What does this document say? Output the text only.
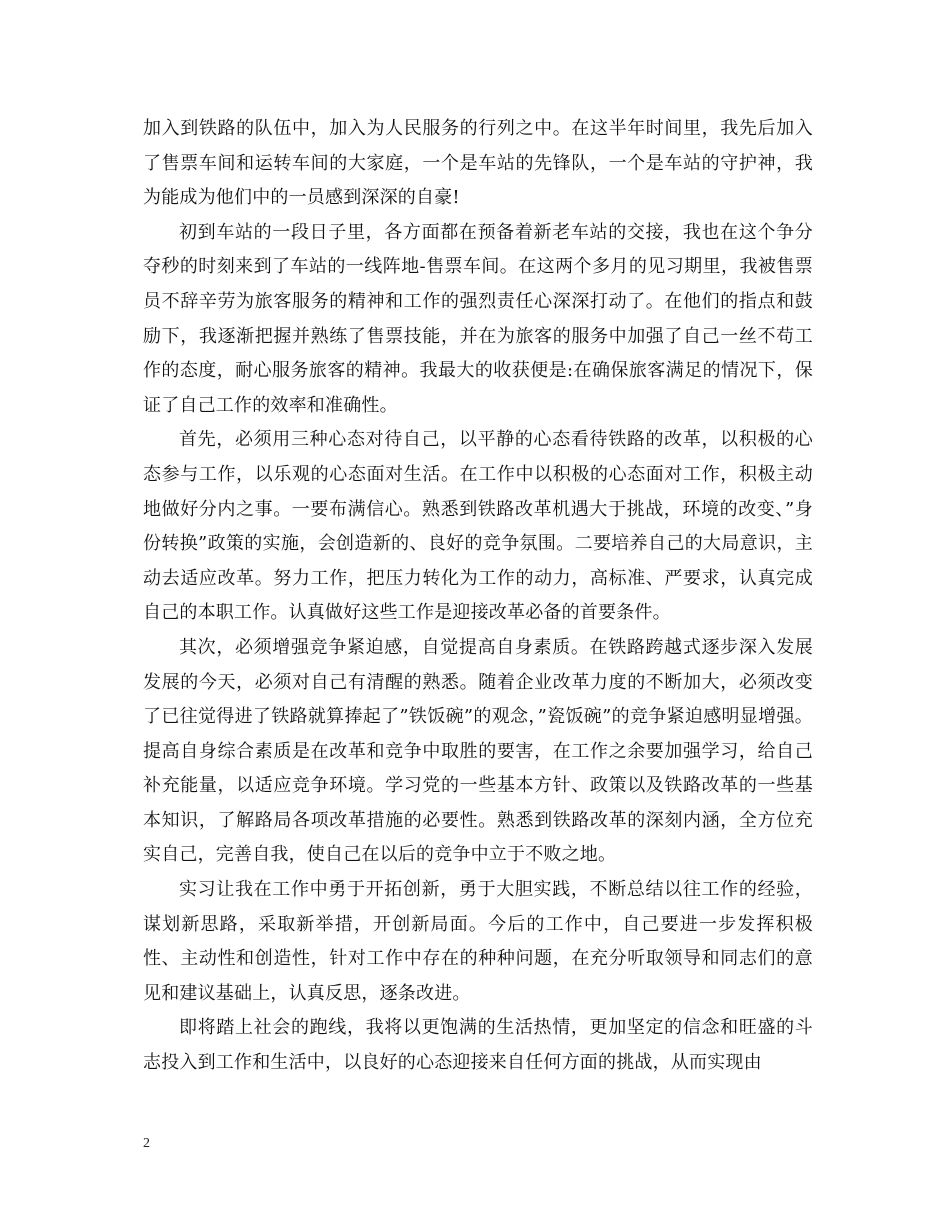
加入到铁路的队伍中，加入为人民服务的行列之中。在这半年时间里，我先后加入了售票车间和运转车间的大家庭，一个是车站的先锋队，一个是车站的守护神，我为能成为他们中的一员感到深深的自豪!

初到车站的一段日子里，各方面都在预备着新老车站的交接，我也在这个争分夺秒的时刻来到了车站的一线阵地-售票车间。在这两个多月的见习期里，我被售票员不辞辛劳为旅客服务的精神和工作的强烈责任心深深打动了。在他们的指点和鼓励下，我逐渐把握并熟练了售票技能，并在为旅客的服务中加强了自己一丝不苟工作的态度，耐心服务旅客的精神。我最大的收获便是:在确保旅客满足的情况下，保证了自己工作的效率和准确性。

首先，必须用三种心态对待自己，以平静的心态看待铁路的改革，以积极的心态参与工作，以乐观的心态面对生活。在工作中以积极的心态面对工作，积极主动地做好分内之事。一要布满信心。熟悉到铁路改革机遇大于挑战，环境的改变、”身份转换”政策的实施，会创造新的、良好的竞争氛围。二要培养自己的大局意识，主动去适应改革。努力工作，把压力转化为工作的动力，高标准、严要求，认真完成自己的本职工作。认真做好这些工作是迎接改革必备的首要条件。

其次，必须增强竞争紧迫感，自觉提高自身素质。在铁路跨越式逐步深入发展发展的今天，必须对自己有清醒的熟悉。随着企业改革力度的不断加大，必须改变了已往觉得进了铁路就算捧起了”铁饭碗”的观念，”瓷饭碗”的竞争紧迫感明显增强。提高自身综合素质是在改革和竞争中取胜的要害，在工作之余要加强学习，给自己补充能量，以适应竞争环境。学习党的一些基本方针、政策以及铁路改革的一些基本知识，了解路局各项改革措施的必要性。熟悉到铁路改革的深刻内涵，全方位充实自己，完善自我，使自己在以后的竞争中立于不败之地。

实习让我在工作中勇于开拓创新，勇于大胆实践，不断总结以往工作的经验，谋划新思路，采取新举措，开创新局面。今后的工作中，自己要进一步发挥积极性、主动性和创造性，针对工作中存在的种种问题，在充分听取领导和同志们的意见和建议基础上，认真反思，逐条改进。

即将踏上社会的跑线，我将以更饱满的生活热情，更加坚定的信念和旺盛的斗志投入到工作和生活中，以良好的心态迎接来自任何方面的挑战，从而实现由

2
